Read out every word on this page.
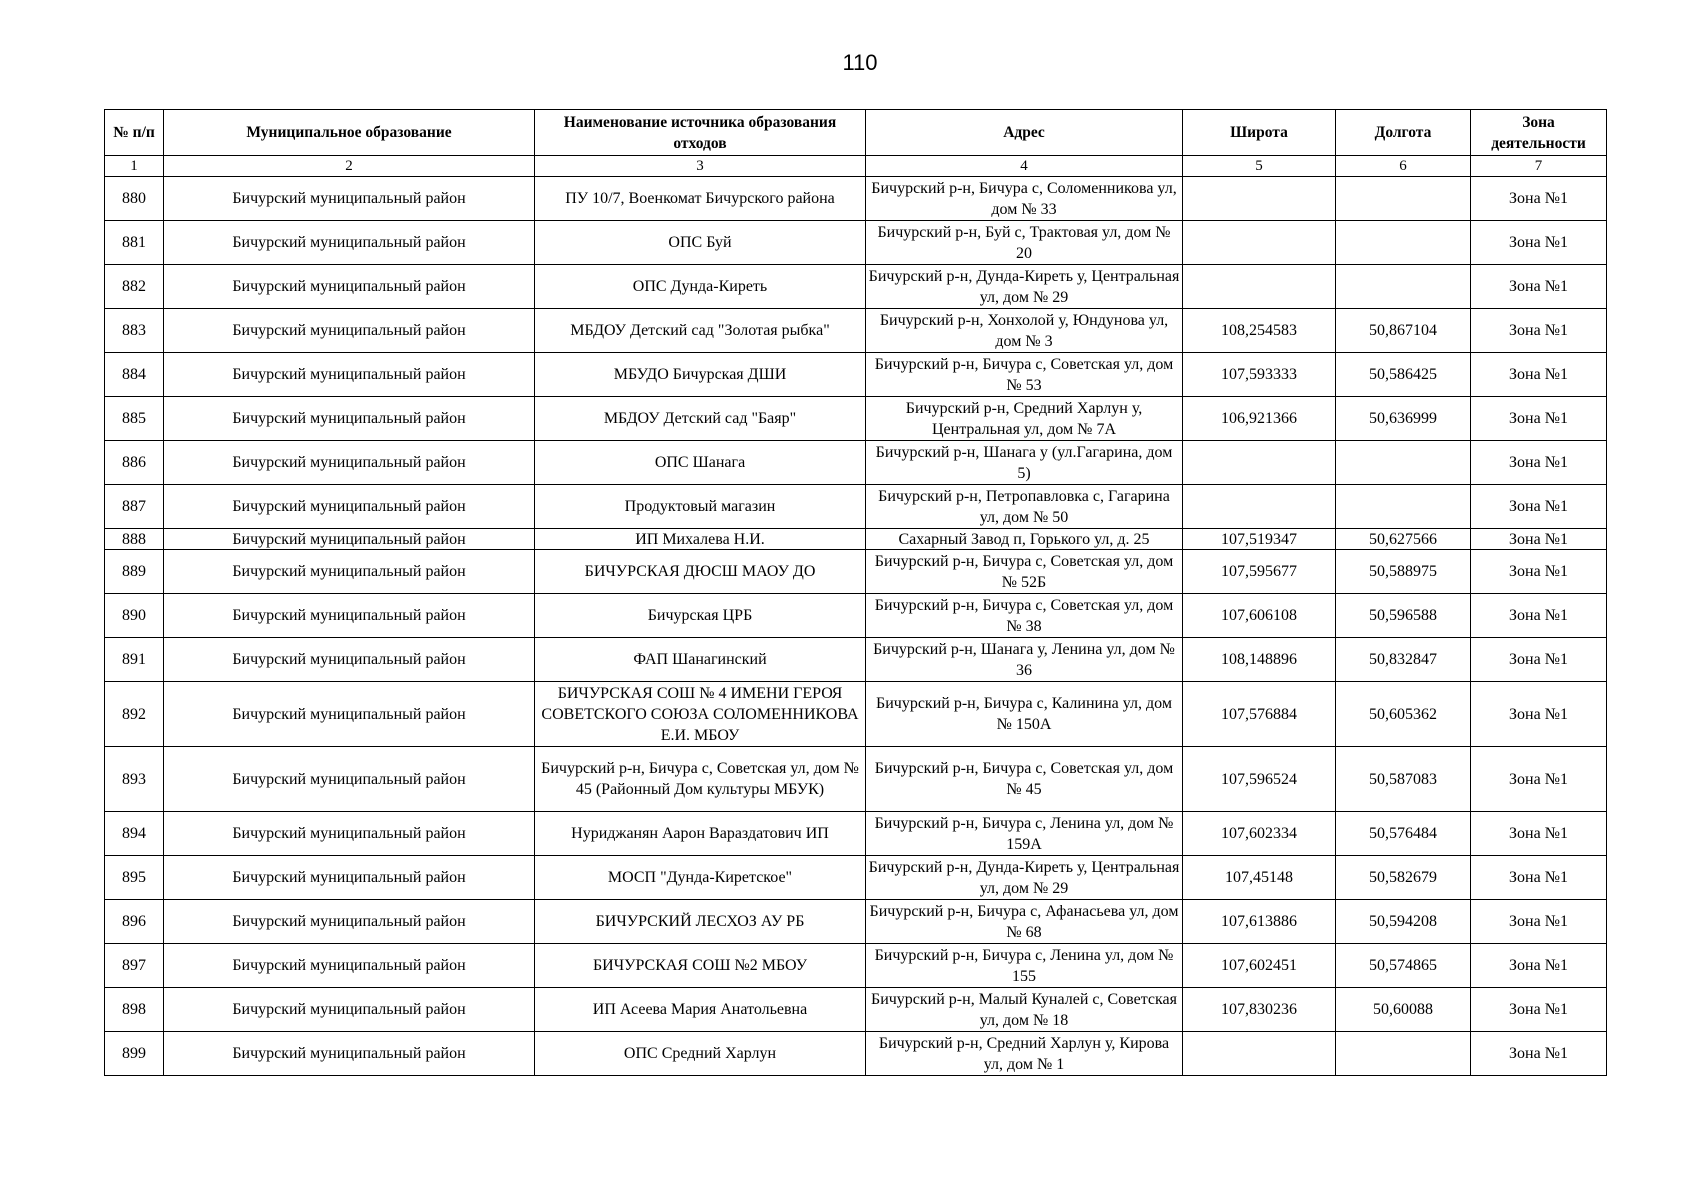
110
№ п/п	Муниципальное образование	Наименование источника образования отходов	Адрес	Широта	Долгота	Зона деятельности
1	2	3	4	5	6	7
880	Бичурский муниципальный район	ПУ 10/7, Военкомат Бичурского района	Бичурский р-н, Бичура с, Соломенникова ул, дом № 33			Зона №1
881	Бичурский муниципальный район	ОПС Буй	Бичурский р-н, Буй с, Трактовая ул, дом № 20			Зона №1
882	Бичурский муниципальный район	ОПС Дунда-Киреть	Бичурский р-н, Дунда-Киреть у, Центральная ул, дом № 29			Зона №1
883	Бичурский муниципальный район	МБДОУ Детский сад "Золотая рыбка"	Бичурский р-н, Хонхолой у, Юндунова ул, дом № 3	108,254583	50,867104	Зона №1
884	Бичурский муниципальный район	МБУДО Бичурская ДШИ	Бичурский р-н, Бичура с, Советская ул, дом № 53	107,593333	50,586425	Зона №1
885	Бичурский муниципальный район	МБДОУ Детский сад "Баяр"	Бичурский р-н, Средний Харлун у, Центральная ул, дом № 7А	106,921366	50,636999	Зона №1
886	Бичурский муниципальный район	ОПС Шанага	Бичурский р-н, Шанага у (ул.Гагарина, дом 5)			Зона №1
887	Бичурский муниципальный район	Продуктовый магазин	Бичурский р-н, Петропавловка с, Гагарина ул, дом № 50			Зона №1
888	Бичурский муниципальный район	ИП Михалева Н.И.	Сахарный Завод п, Горького ул, д. 25	107,519347	50,627566	Зона №1
889	Бичурский муниципальный район	БИЧУРСКАЯ ДЮСШ МАОУ ДО	Бичурский р-н, Бичура с, Советская ул, дом № 52Б	107,595677	50,588975	Зона №1
890	Бичурский муниципальный район	Бичурская ЦРБ	Бичурский р-н, Бичура с, Советская ул, дом № 38	107,606108	50,596588	Зона №1
891	Бичурский муниципальный район	ФАП Шанагинский	Бичурский р-н, Шанага у, Ленина ул, дом № 36	108,148896	50,832847	Зона №1
892	Бичурский муниципальный район	БИЧУРСКАЯ СОШ № 4 ИМЕНИ ГЕРОЯ СОВЕТСКОГО СОЮЗА СОЛОМЕННИКОВА Е.И. МБОУ	Бичурский р-н, Бичура с, Калинина ул, дом № 150А	107,576884	50,605362	Зона №1
893	Бичурский муниципальный район	Бичурский р-н, Бичура с, Советская ул, дом № 45 (Районный Дом культуры МБУК)	Бичурский р-н, Бичура с, Советская ул, дом № 45	107,596524	50,587083	Зона №1
894	Бичурский муниципальный район	Нуриджанян Аарон Вараздатович ИП	Бичурский р-н, Бичура с, Ленина ул, дом № 159А	107,602334	50,576484	Зона №1
895	Бичурский муниципальный район	МОСП "Дунда-Киретское"	Бичурский р-н, Дунда-Киреть у, Центральная ул, дом № 29	107,45148	50,582679	Зона №1
896	Бичурский муниципальный район	БИЧУРСКИЙ ЛЕСХОЗ АУ РБ	Бичурский р-н, Бичура с, Афанасьева ул, дом № 68	107,613886	50,594208	Зона №1
897	Бичурский муниципальный район	БИЧУРСКАЯ СОШ №2 МБОУ	Бичурский р-н, Бичура с, Ленина ул, дом № 155	107,602451	50,574865	Зона №1
898	Бичурский муниципальный район	ИП Асеева Мария Анатольевна	Бичурский р-н, Малый Куналей с, Советская ул, дом № 18	107,830236	50,60088	Зона №1
899	Бичурский муниципальный район	ОПС Средний Харлун	Бичурский р-н, Средний Харлун у, Кирова ул, дом № 1			Зона №1
